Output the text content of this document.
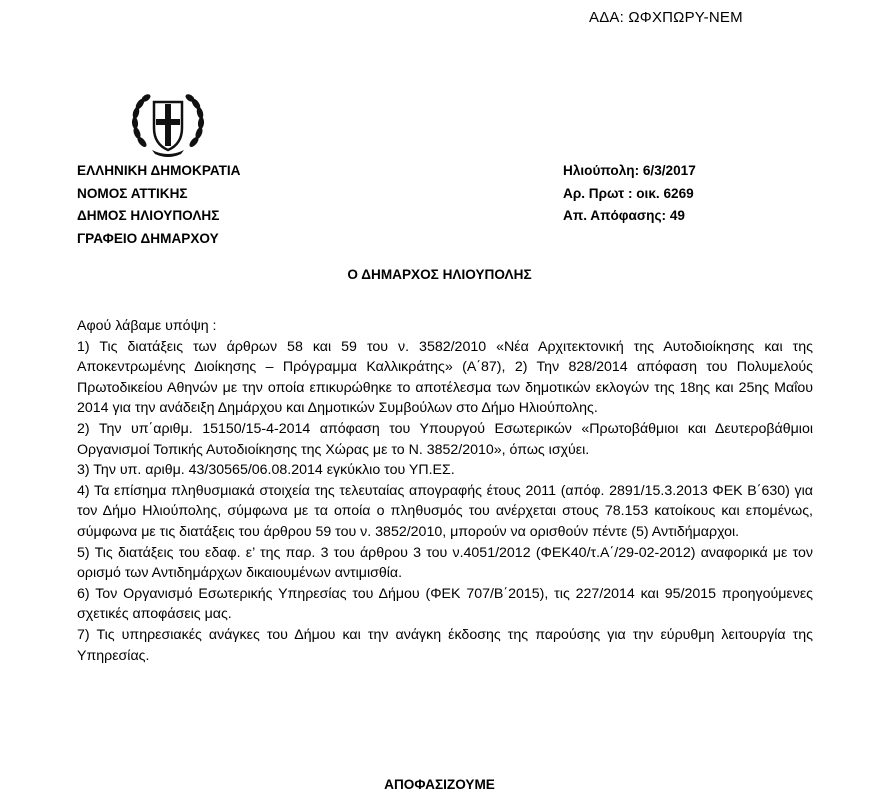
ΑΔΑ: ΩΦΧΠΩΡΥ-ΝΕΜ
ΕΛΛΗΝΙΚΗ ΔΗΜΟΚΡΑΤΙΑ
ΝΟΜΟΣ ΑΤΤΙΚΗΣ
ΔΗΜΟΣ ΗΛΙΟΥΠΟΛΗΣ
ΓΡΑΦΕΙΟ ΔΗΜΑΡΧΟΥ
Ηλιούπολη: 6/3/2017
Αρ. Πρωτ : οικ. 6269
Απ. Απόφασης: 49
Ο ΔΗΜΑΡΧΟΣ ΗΛΙΟΥΠΟΛΗΣ

Αφού λάβαμε υπόψη :

1) Τις διατάξεις των άρθρων 58 και 59 του ν. 3582/2010 «Νέα Αρχιτεκτονική της Αυτοδιοίκησης και της Αποκεντρωμένης Διοίκησης – Πρόγραμμα Καλλικράτης» (Α΄87), 2) Την 828/2014 απόφαση του Πολυμελούς Πρωτοδικείου Αθηνών με την οποία επικυρώθηκε το αποτέλεσμα των δημοτικών εκλογών της 18ης και 25ης Μαΐου 2014 για την ανάδειξη Δημάρχου και Δημοτικών Συμβούλων στο Δήμο Ηλιούπολης.

2) Την υπ΄αριθμ. 15150/15-4-2014 απόφαση του Υπουργού Εσωτερικών «Πρωτοβάθμιοι και Δευτεροβάθμιοι Οργανισμοί Τοπικής Αυτοδιοίκησης της Χώρας με το Ν. 3852/2010», όπως ισχύει.

3) Την υπ. αριθμ. 43/30565/06.08.2014 εγκύκλιο του ΥΠ.ΕΣ.

4) Τα επίσημα πληθυσμιακά στοιχεία της τελευταίας απογραφής έτους 2011 (απόφ. 2891/15.3.2013 ΦΕΚ Β΄630) για τον Δήμο Ηλιούπολης, σύμφωνα με τα οποία ο πληθυσμός του ανέρχεται στους 78.153 κατοίκους και επομένως, σύμφωνα με τις διατάξεις του άρθρου 59 του ν. 3852/2010, μπορούν να ορισθούν πέντε (5) Αντιδήμαρχοι.

5) Τις διατάξεις του εδαφ. ε’ της παρ. 3 του άρθρου 3 του ν.4051/2012 (ΦΕΚ40/τ.Α΄/29-02-2012) αναφορικά με τον ορισμό των Αντιδημάρχων δικαιουμένων αντιμισθία.

6) Τον Οργανισμό Εσωτερικής Υπηρεσίας του Δήμου (ΦΕΚ 707/Β΄2015), τις 227/2014 και 95/2015 προηγούμενες σχετικές αποφάσεις μας.

7) Τις υπηρεσιακές ανάγκες του Δήμου και την ανάγκη έκδοσης της παρούσης για την εύρυθμη λειτουργία της Υπηρεσίας.

ΑΠΟΦΑΣΙΖΟΥΜΕ
